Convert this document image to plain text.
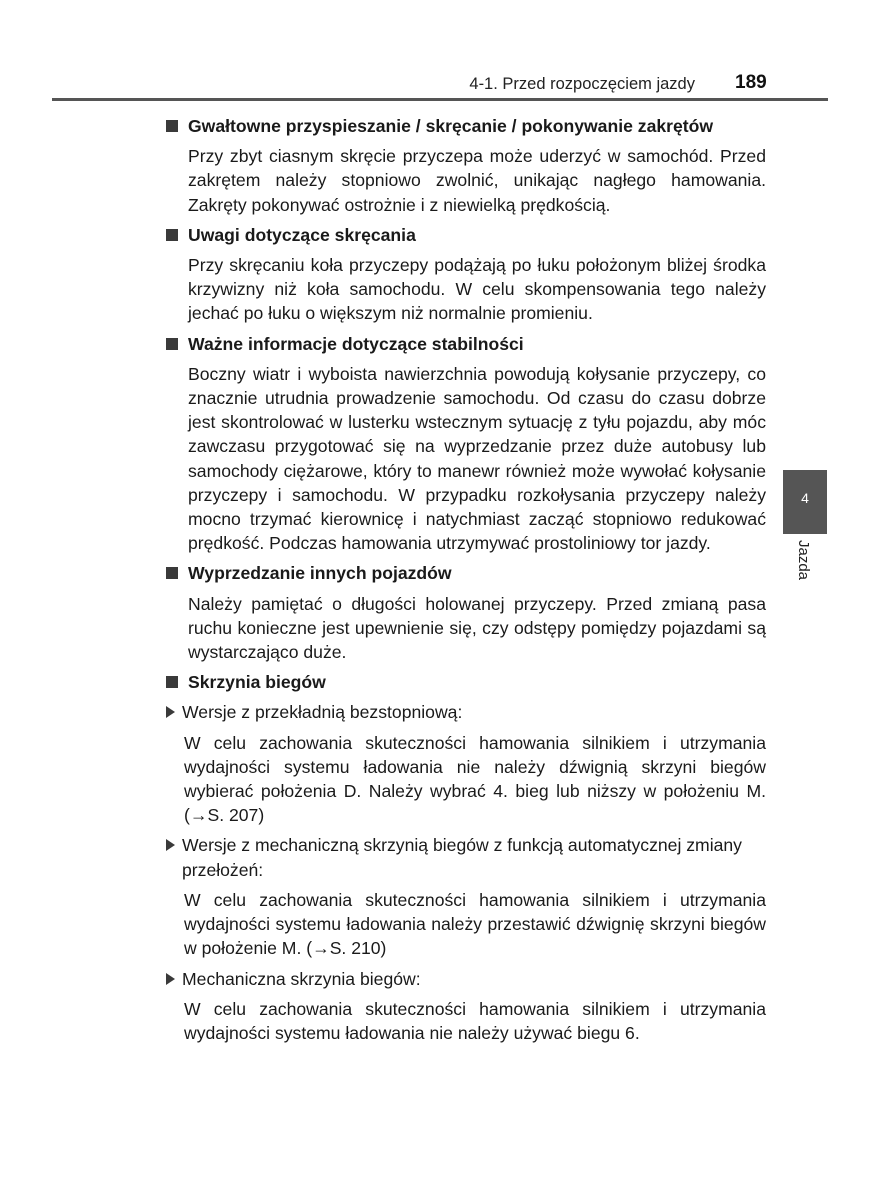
4-1. Przed rozpoczęciem jazdy 189
Gwałtowne przyspieszanie / skręcanie / pokonywanie zakrętów
Przy zbyt ciasnym skręcie przyczepa może uderzyć w samochód. Przed zakrętem należy stopniowo zwolnić, unikając nagłego hamowania. Zakręty pokonywać ostrożnie i z niewielką prędkością.
Uwagi dotyczące skręcania
Przy skręcaniu koła przyczepy podążają po łuku położonym bliżej środka krzywizny niż koła samochodu. W celu skompensowania tego należy jechać po łuku o większym niż normalnie promieniu.
Ważne informacje dotyczące stabilności
Boczny wiatr i wyboista nawierzchnia powodują kołysanie przyczepy, co znacznie utrudnia prowadzenie samochodu. Od czasu do czasu dobrze jest skontrolować w lusterku wstecznym sytuację z tyłu pojazdu, aby móc zawczasu przygotować się na wyprzedzanie przez duże autobusy lub samochody ciężarowe, który to manewr również może wywołać kołysanie przyczepy i samochodu. W przypadku rozkołysania przyczepy należy mocno trzymać kierownicę i natychmiast zacząć stopniowo redukować prędkość. Podczas hamowania utrzymywać prostoliniowy tor jazdy.
Wyprzedzanie innych pojazdów
Należy pamiętać o długości holowanej przyczepy. Przed zmianą pasa ruchu konieczne jest upewnienie się, czy odstępy pomiędzy pojazdami są wystarczająco duże.
Skrzynia biegów
Wersje z przekładnią bezstopniową:
W celu zachowania skuteczności hamowania silnikiem i utrzymania wydajności systemu ładowania nie należy dźwignią skrzyni biegów wybierać położenia D. Należy wybrać 4. bieg lub niższy w położeniu M. (→S. 207)
Wersje z mechaniczną skrzynią biegów z funkcją automatycznej zmiany przełożeń:
W celu zachowania skuteczności hamowania silnikiem i utrzymania wydajności systemu ładowania należy przestawić dźwignię skrzyni biegów w położenie M. (→S. 210)
Mechaniczna skrzynia biegów:
W celu zachowania skuteczności hamowania silnikiem i utrzymania wydajności systemu ładowania nie należy używać biegu 6.
4
Jazda
